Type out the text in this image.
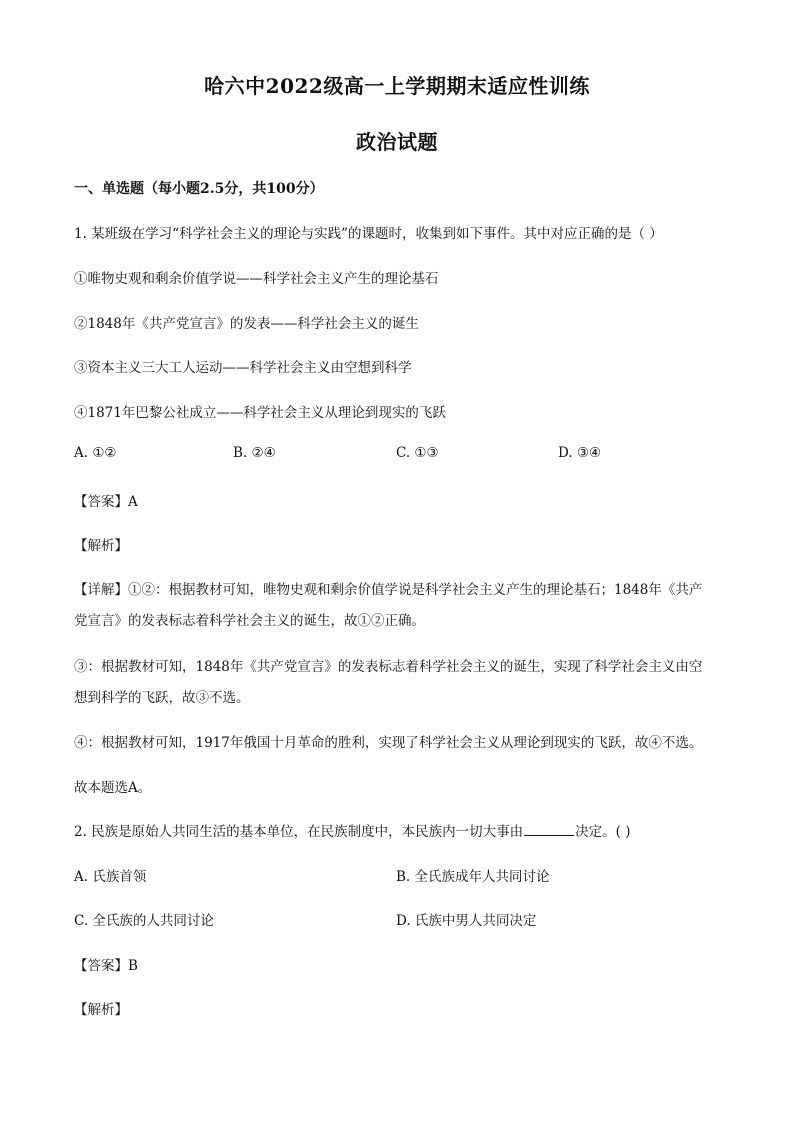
哈六中2022级高一上学期期末适应性训练
政治试题
一、单选题（每小题2.5分，共100分）
1. 某班级在学习“科学社会主义的理论与实践”的课题时，收集到如下事件。其中对应正确的是（ ）
①唯物史观和剩余价值学说——科学社会主义产生的理论基石
②1848年《共产党宣言》的发表——科学社会主义的诞生
③资本主义三大工人运动——科学社会主义由空想到科学
④1871年巴黎公社成立——科学社会主义从理论到现实的飞跃
A. ①②	B. ②④	C. ①③	D. ③④
【答案】A
【解析】
【详解】①②：根据教材可知，唯物史观和剩余价值学说是科学社会主义产生的理论基石；1848年《共产
党宣言》的发表标志着科学社会主义的诞生，故①②正确。
③：根据教材可知，1848年《共产党宣言》的发表标志着科学社会主义的诞生，实现了科学社会主义由空
想到科学的飞跃，故③不选。
④：根据教材可知，1917年俄国十月革命的胜利，实现了科学社会主义从理论到现实的飞跃，故④不选。
故本题选A。
2. 民族是原始人共同生活的基本单位，在民族制度中，本民族内一切大事由	决定。( )
A. 氏族首领	B. 全氏族成年人共同讨论
C. 全氏族的人共同讨论	D. 氏族中男人共同决定
【答案】B
【解析】
